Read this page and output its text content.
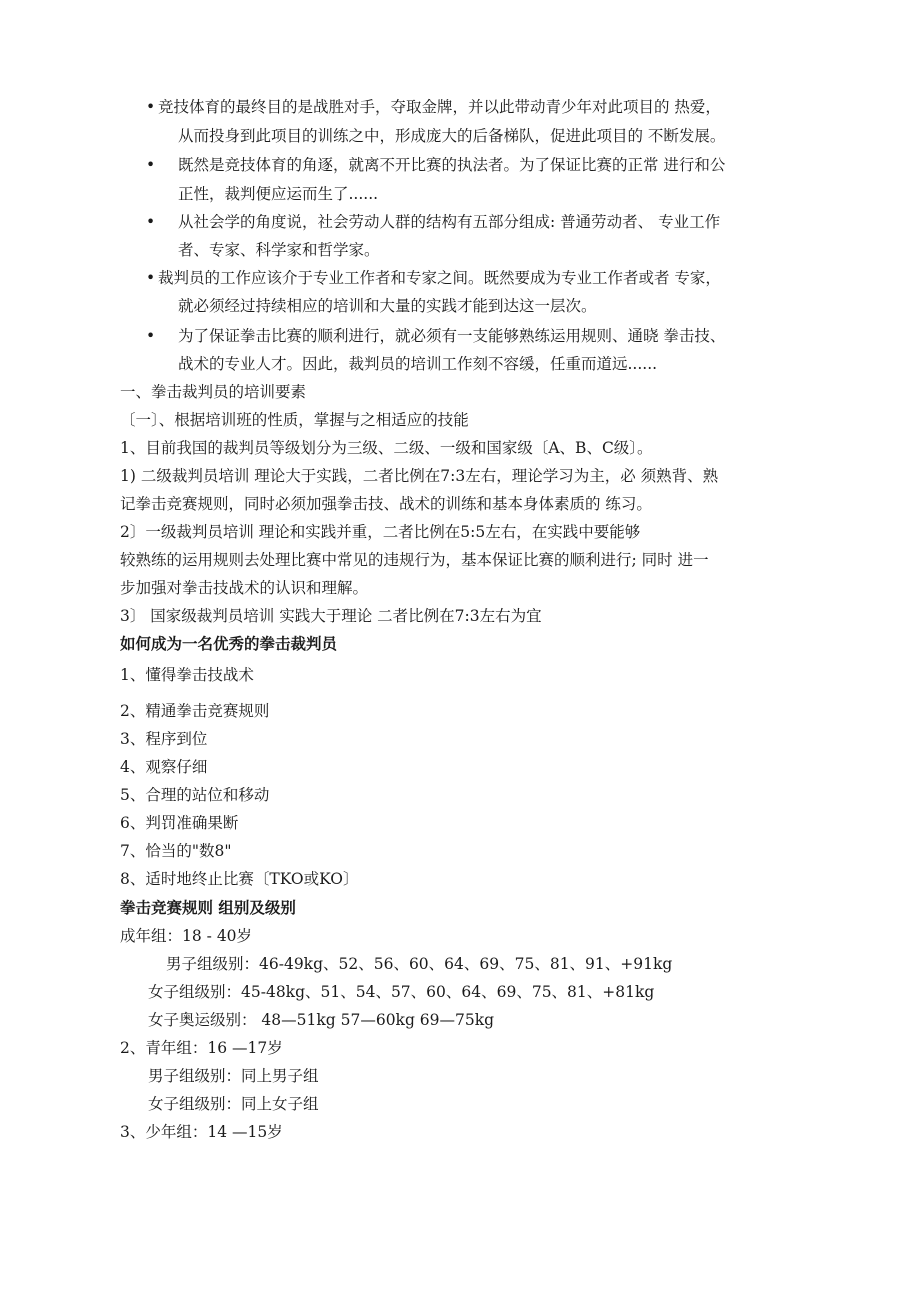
• 竞技体育的最终目的是战胜对手，夺取金牌，并以此带动青少年对此项目的 热爱，
从而投身到此项目的训练之中，形成庞大的后备梯队，促进此项目的 不断发展。
• 既然是竞技体育的角逐，就离不开比赛的执法者。为了保证比赛的正常 进行和公
正性，裁判便应运而生了......
• 从社会学的角度说，社会劳动人群的结构有五部分组成: 普通劳动者、 专业工作
者、专家、科学家和哲学家。
• 裁判员的工作应该介于专业工作者和专家之间。既然要成为专业工作者或者 专家，
就必须经过持续相应的培训和大量的实践才能到达这一层次。
• 为了保证拳击比赛的顺利进行，就必须有一支能够熟练运用规则、通晓 拳击技、
战术的专业人才。因此，裁判员的培训工作刻不容缓，任重而道远......
一、拳击裁判员的培训要素
〔一〕、根据培训班的性质，掌握与之相适应的技能
1、目前我国的裁判员等级划分为三级、二级、一级和国家级〔A、B、C级〕。
1) 二级裁判员培训 理论大于实践，二者比例在7:3左右，理论学习为主，必 须熟背、熟
记拳击竞赛规则，同时必须加强拳击技、战术的训练和基本身体素质的 练习。
2〕一级裁判员培训 理论和实践并重，二者比例在5:5左右，在实践中要能够
较熟练的运用规则去处理比赛中常见的违规行为，基本保证比赛的顺利进行; 同时 进一
步加强对拳击技战术的认识和理解。
3〕 国家级裁判员培训 实践大于理论 二者比例在7:3左右为宜
如何成为一名优秀的拳击裁判员
1、懂得拳击技战术
2、精通拳击竞赛规则
3、程序到位
4、观察仔细
5、合理的站位和移动
6、判罚准确果断
7、恰当的"数8"
8、适时地终止比赛〔TKO或KO〕
拳击竞赛规则 组别及级别
成年组：18 - 40岁
男子组级别：46-49kg、52、56、60、64、69、75、81、91、+91kg
女子组级别：45-48kg、51、54、57、60、64、69、75、81、+81kg
女子奥运级别： 48—51kg 57—60kg 69—75kg
2、青年组：16 —17岁
男子组级别：同上男子组
女子组级别：同上女子组
3、少年组：14 —15岁
